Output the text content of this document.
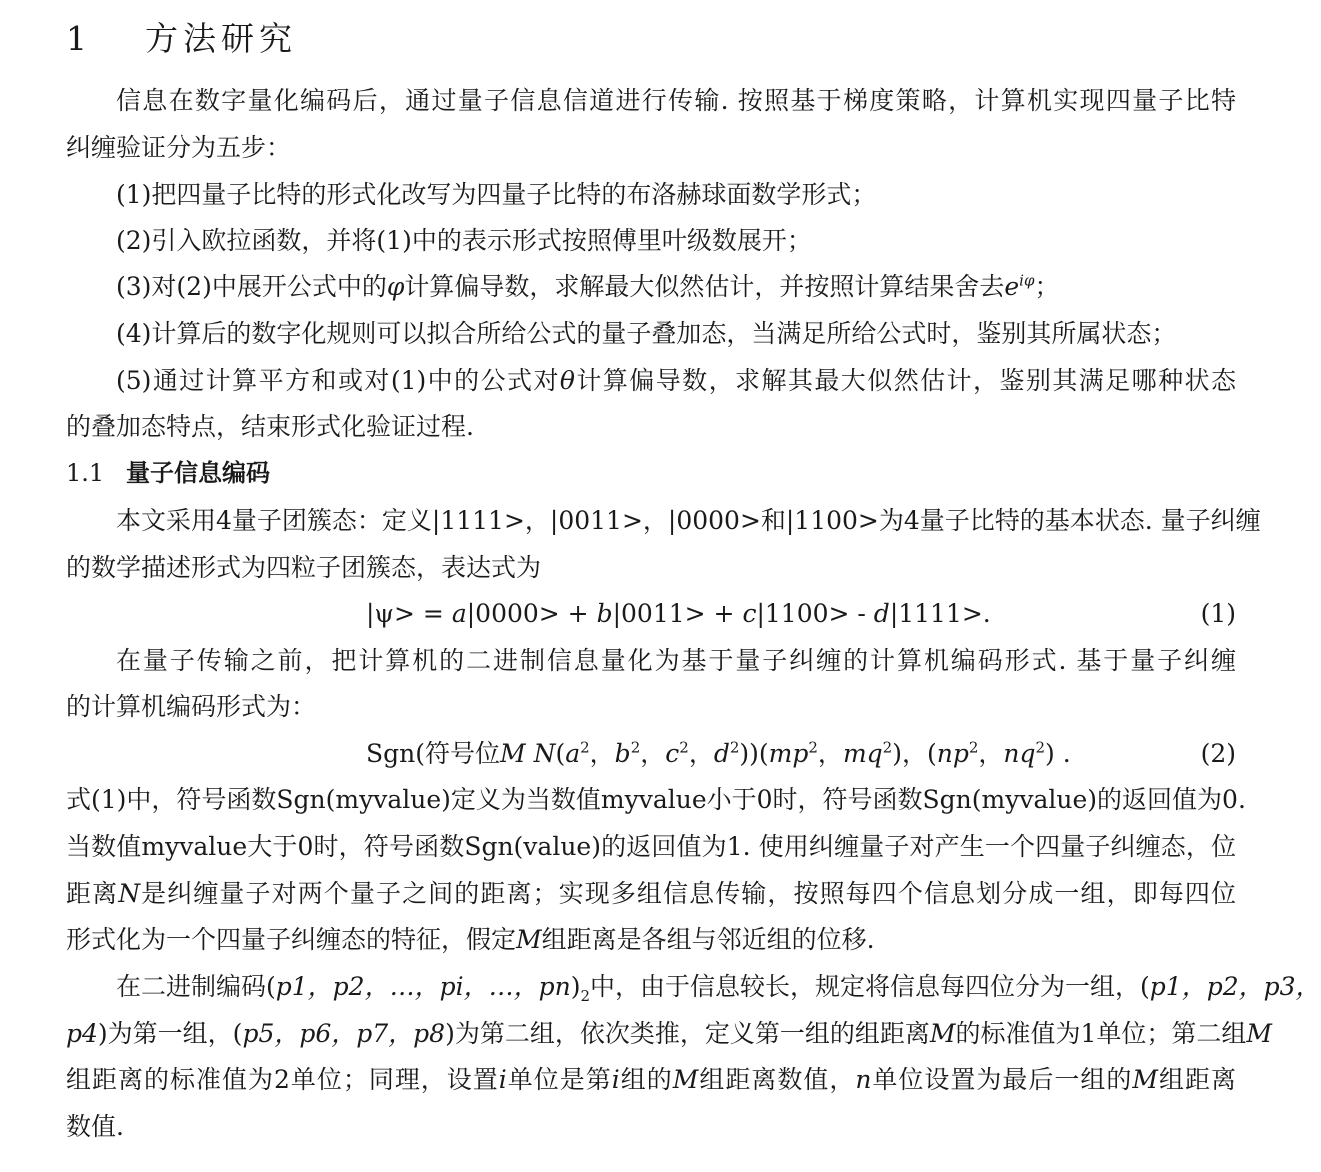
1 方法研究
信息在数字量化编码后，通过量子信息信道进行传输. 按照基于梯度策略，计算机实现四量子比特
纠缠验证分为五步：
(1)把四量子比特的形式化改写为四量子比特的布洛赫球面数学形式；
(2)引入欧拉函数，并将(1)中的表示形式按照傅里叶级数展开；
(3)对(2)中展开公式中的φ计算偏导数，求解最大似然估计，并按照计算结果舍去$e^{i\varphi}$；
(4)计算后的数字化规则可以拟合所给公式的量子叠加态，当满足所给公式时，鉴别其所属状态；
(5)通过计算平方和或对(1)中的公式对θ计算偏导数，求解其最大似然估计，鉴别其满足哪种状态
的叠加态特点，结束形式化验证过程.
1.1 量子信息编码
本文采用4量子团簇态：定义|1111>，|0011>，|0000>和|1100>为4量子比特的基本状态. 量子纠缠
的数学描述形式为四粒子团簇态，表达式为
|ψ> = a|0000> + b|0011> + c|1100> - d|1111>.	(1)
在量子传输之前，把计算机的二进制信息量化为基于量子纠缠的计算机编码形式. 基于量子纠缠
的计算机编码形式为：
Sgn(符号位M $N(a^2$，$b^2$，$c^2$，$d^2))(mp^2$，$mq^2$)，($np^2$，$nq^2$) .	(2)
式(1)中，符号函数Sgn(myvalue)定义为当数值myvalue小于0时，符号函数Sgn(myvalue)的返回值为0.
当数值myvalue大于0时，符号函数Sgn(value)的返回值为1. 使用纠缠量子对产生一个四量子纠缠态，位
距离N是纠缠量子对两个量子之间的距离；实现多组信息传输，按照每四个信息划分成一组，即每四位
形式化为一个四量子纠缠态的特征，假定M组距离是各组与邻近组的位移.
在二进制编码(p1，p2，…，pi，…，$pn)_2$中，由于信息较长，规定将信息每四位分为一组，(p1，p2，p3，
p4)为第一组，(p5，p6，p7，p8)为第二组，依次类推，定义第一组的组距离M的标准值为1单位；第二组M
组距离的标准值为2单位；同理，设置i单位是第i组的M组距离数值，n单位设置为最后一组的M组距离
数值.
